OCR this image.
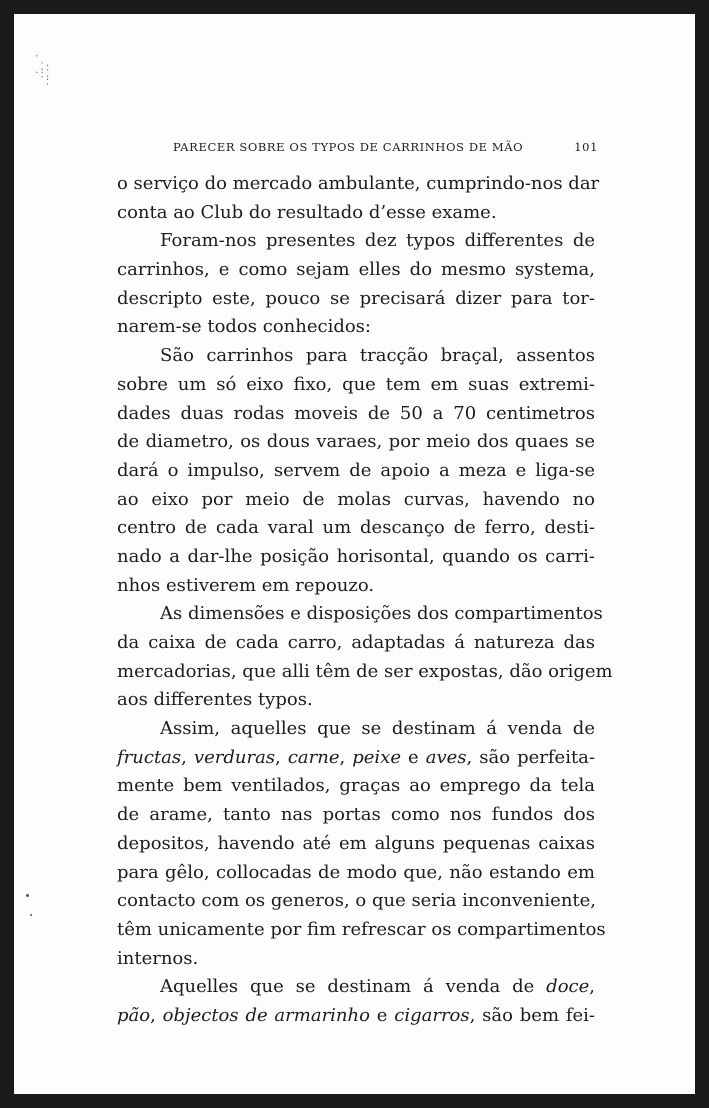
·
·.
.:·
·:
·
PARECER SOBRE OS TYPOS DE CARRINHOS DE MÃO	101
o serviço do mercado ambulante, cumprindo-nos dar
conta ao Club do resultado d’esse exame.
Foram-nos presentes dez typos differentes de
carrinhos, e como sejam elles do mesmo systema,
descripto este, pouco se precisará dizer para tor-
narem-se todos conhecidos:
São carrinhos para tracção braçal, assentos
sobre um só eixo fixo, que tem em suas extremi-
dades duas rodas moveis de 50 a 70 centimetros
de diametro, os dous varaes, por meio dos quaes se
dará o impulso, servem de apoio a meza e liga-se
ao eixo por meio de molas curvas, havendo no
centro de cada varal um descanço de ferro, desti-
nado a dar-lhe posição horisontal, quando os carri-
nhos estiverem em repouzo.
As dimensões e disposições dos compartimentos
da caixa de cada carro, adaptadas á natureza das
mercadorias, que alli têm de ser expostas, dão origem
aos differentes typos.
Assim, aquelles que se destinam á venda de
fructas, verduras, carne, peixe e aves, são perfeita-
mente bem ventilados, graças ao emprego da tela
de arame, tanto nas portas como nos fundos dos
depositos, havendo até em alguns pequenas caixas
para gêlo, collocadas de modo que, não estando em
contacto com os generos, o que seria inconveniente,
têm unicamente por fim refrescar os compartimentos
internos.
Aquelles que se destinam á venda de doce,
pão, objectos de armarinho e cigarros, são bem fei-
